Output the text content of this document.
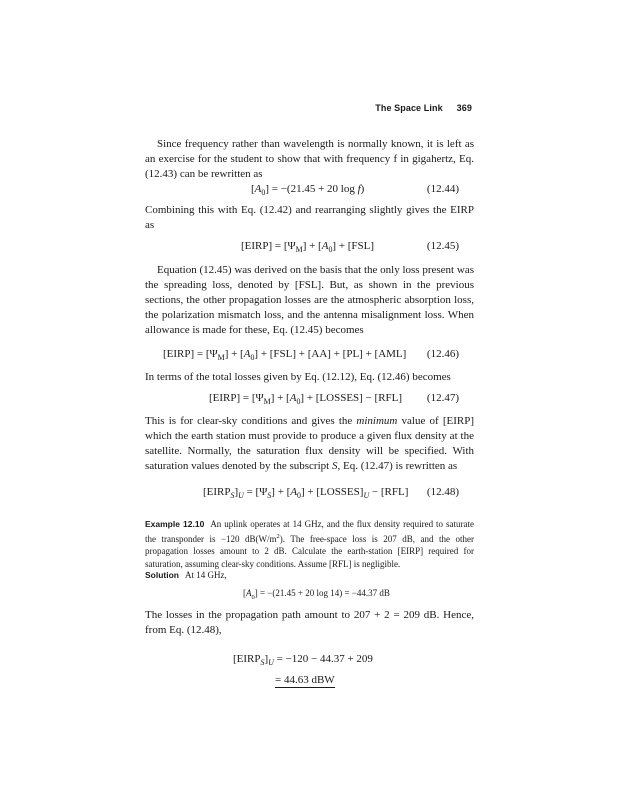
The Space Link 369
Since frequency rather than wavelength is normally known, it is left as an exercise for the student to show that with frequency f in gigahertz, Eq. (12.43) can be rewritten as
$[A_0] = -(21.45 + 20$ log f)	(12.44)
Combining this with Eq. (12.42) and rearranging slightly gives the EIRP as
[EIRP] = $[\Psi_M] + [A_0] + [FSL]$	(12.45)
Equation (12.45) was derived on the basis that the only loss present was the spreading loss, denoted by [FSL]. But, as shown in the previous sections, the other propagation losses are the atmospheric absorption loss, the polarization mismatch loss, and the antenna misalignment loss. When allowance is made for these, Eq. (12.45) becomes
[EIRP] = $[\Psi_M] + [A_0] + [FSL] + [AA] + [PL] + [AML]$ (12.46)
In terms of the total losses given by Eq. (12.12), Eq. (12.46) becomes
[EIRP] = $[\Psi_M] + [A_0]$ + [LOSSES] − [RFL] (12.47)
This is for clear-sky conditions and gives the minimum value of [EIRP] which the earth station must provide to produce a given flux density at the satellite. Normally, the saturation flux density will be specified. With saturation values denoted by the subscript S, Eq. (12.47) is rewritten as
$[EIRP_S]_U = [\Psi_S] + [A_0]$ + $[LOSSES]_U - [RFL]$ (12.48)
Example 12.10 An uplink operates at 14 GHz, and the flux density required to saturate the transponder is −120 $dB(W/m^2)$. The free-space loss is 207 dB, and the other propagation losses amount to 2 dB. Calculate the earth-station [EIRP] required for saturation, assuming clear-sky conditions. Assume [RFL] is negligible.
Solution At 14 GHz,
$[A_0] = -(21.45 + 20$ log 14) = −44.37 dB
The losses in the propagation path amount to 207 + 2 = 209 dB. Hence, from Eq. (12.48),
$[EIRP_S]_U = -120 - 44.37 + 209$
= 44.63 dBW
